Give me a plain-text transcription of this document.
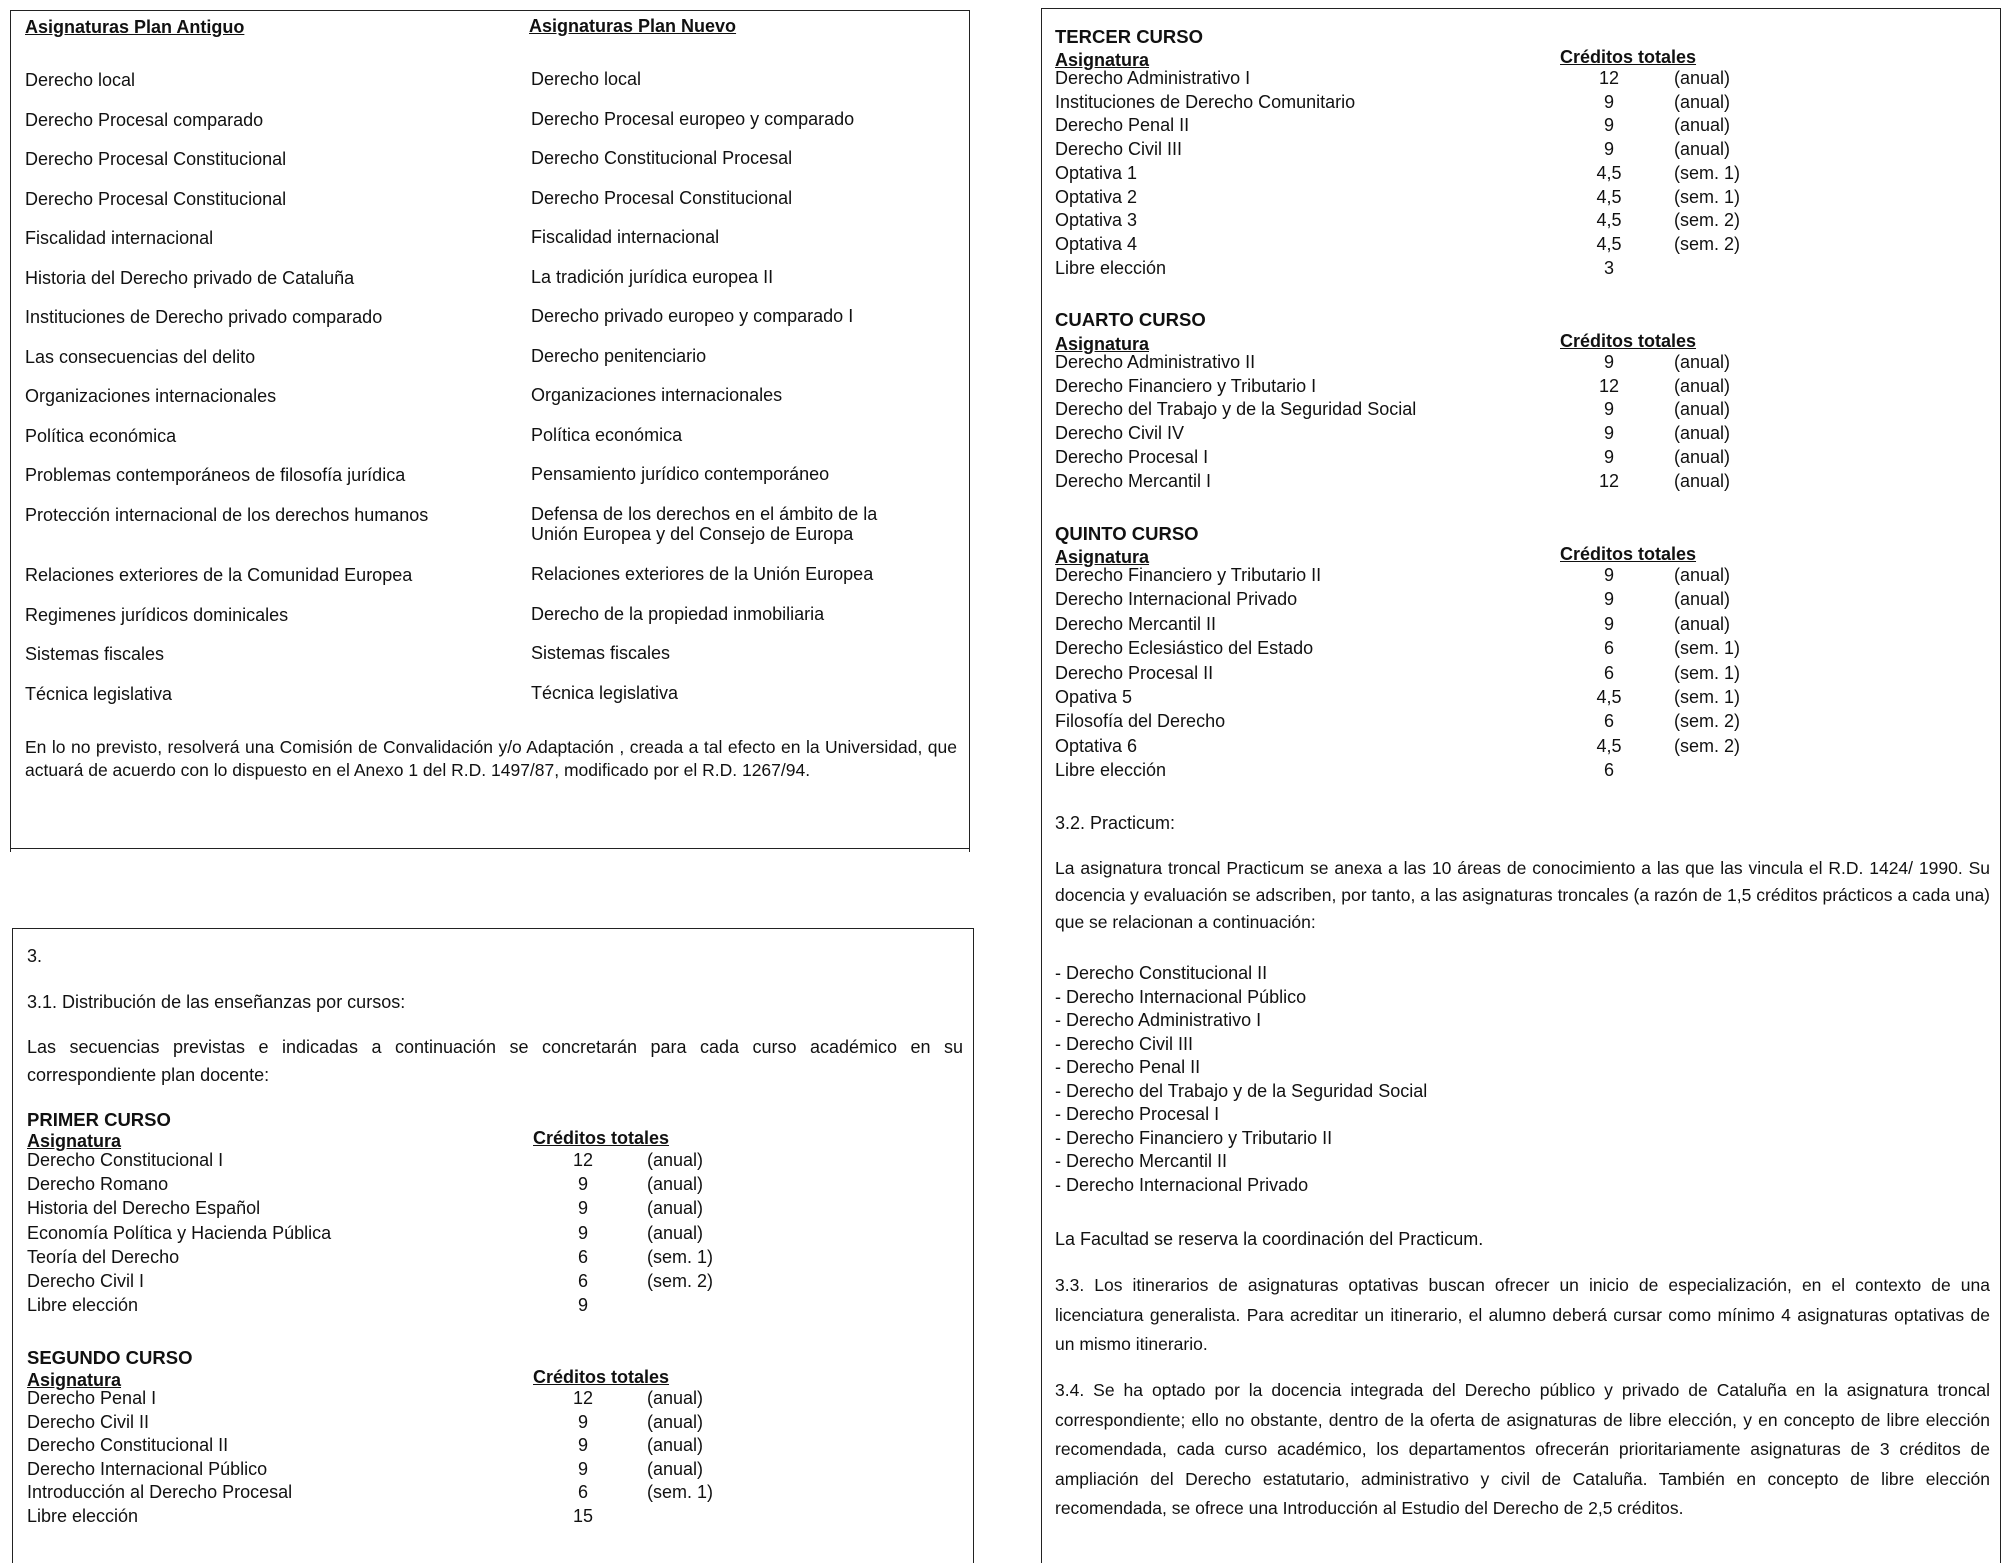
Asignaturas Plan Antiguo	Asignaturas Plan Nuevo
Derecho local	Derecho local
Derecho Procesal comparado	Derecho Procesal europeo y comparado
Derecho Procesal Constitucional	Derecho Constitucional Procesal
Derecho Procesal Constitucional	Derecho Procesal Constitucional
Fiscalidad internacional	Fiscalidad internacional
Historia del Derecho privado de Cataluña	La tradición jurídica europea II
Instituciones de Derecho privado comparado	Derecho privado europeo y comparado I
Las consecuencias del delito	Derecho penitenciario
Organizaciones internacionales	Organizaciones internacionales
Política económica	Política económica
Problemas contemporáneos de filosofía jurídica	Pensamiento jurídico contemporáneo
Protección internacional de los derechos humanos	Defensa de los derechos en el ámbito de la
Unión Europea y del Consejo de Europa
Relaciones exteriores de la Comunidad Europea	Relaciones exteriores de la Unión Europea
Regimenes jurídicos dominicales	Derecho de la propiedad inmobiliaria
Sistemas fiscales	Sistemas fiscales
Técnica legislativa	Técnica legislativa
En lo no previsto, resolverá una Comisión de Convalidación y/o Adaptación , creada a tal efecto en la Universidad, que actuará de acuerdo con lo dispuesto en el Anexo 1 del R.D. 1497/87, modificado por el R.D. 1267/94.
3.
3.1. Distribución de las enseñanzas por cursos:
Las secuencias previstas e indicadas a continuación se concretarán para cada curso académico en su correspondiente plan docente:
PRIMER CURSO
Asignatura	Créditos totales
Derecho Constitucional I	12	(anual)
Derecho Romano	9	(anual)
Historia del Derecho Español	9	(anual)
Economía Política y Hacienda Pública	9	(anual)
Teoría del Derecho	6	(sem. 1)
Derecho Civil I	6	(sem. 2)
Libre elección	9
SEGUNDO CURSO
Asignatura	Créditos totales
Derecho Penal I	12	(anual)
Derecho Civil II	9	(anual)
Derecho Constitucional II	9	(anual)
Derecho Internacional Público	9	(anual)
Introducción al Derecho Procesal	6	(sem. 1)
Libre elección	15
TERCER CURSO
Asignatura	Créditos totales
Derecho Administrativo I	12	(anual)
Instituciones de Derecho Comunitario	9	(anual)
Derecho Penal II	9	(anual)
Derecho Civil III	9	(anual)
Optativa 1	4,5	(sem. 1)
Optativa 2	4,5	(sem. 1)
Optativa 3	4,5	(sem. 2)
Optativa 4	4,5	(sem. 2)
Libre elección	3
CUARTO CURSO
Asignatura	Créditos totales
Derecho Administrativo II	9	(anual)
Derecho Financiero y Tributario I	12	(anual)
Derecho del Trabajo y de la Seguridad Social	9	(anual)
Derecho Civil IV	9	(anual)
Derecho Procesal I	9	(anual)
Derecho Mercantil I	12	(anual)
QUINTO CURSO
Asignatura	Créditos totales
Derecho Financiero y Tributario II	9	(anual)
Derecho Internacional Privado	9	(anual)
Derecho Mercantil II	9	(anual)
Derecho Eclesiástico del Estado	6	(sem. 1)
Derecho Procesal II	6	(sem. 1)
Opativa 5	4,5	(sem. 1)
Filosofía del Derecho	6	(sem. 2)
Optativa 6	4,5	(sem. 2)
Libre elección	6
3.2. Practicum:
La asignatura troncal Practicum se anexa a las 10 áreas de conocimiento a las que las vincula el R.D. 1424/ 1990. Su docencia y evaluación se adscriben, por tanto, a las asignaturas troncales (a razón de 1,5 créditos prácticos a cada una) que se relacionan a continuación:
- Derecho Constitucional II
- Derecho Internacional Público
- Derecho Administrativo I
- Derecho Civil III
- Derecho Penal II
- Derecho del Trabajo y de la Seguridad Social
- Derecho Procesal I
- Derecho Financiero y Tributario II
- Derecho Mercantil II
- Derecho Internacional Privado
La Facultad se reserva la coordinación del Practicum.
3.3. Los itinerarios de asignaturas optativas buscan ofrecer un inicio de especialización, en el contexto de una licenciatura generalista. Para acreditar un itinerario, el alumno deberá cursar como mínimo 4 asignaturas optativas de un mismo itinerario.
3.4. Se ha optado por la docencia integrada del Derecho público y privado de Cataluña en la asignatura troncal correspondiente; ello no obstante, dentro de la oferta de asignaturas de libre elección, y en concepto de libre elección recomendada, cada curso académico, los departamentos ofrecerán prioritariamente asignaturas de 3 créditos de ampliación del Derecho estatutario, administrativo y civil de Cataluña. También en concepto de libre elección recomendada, se ofrece una Introducción al Estudio del Derecho de 2,5 créditos.
